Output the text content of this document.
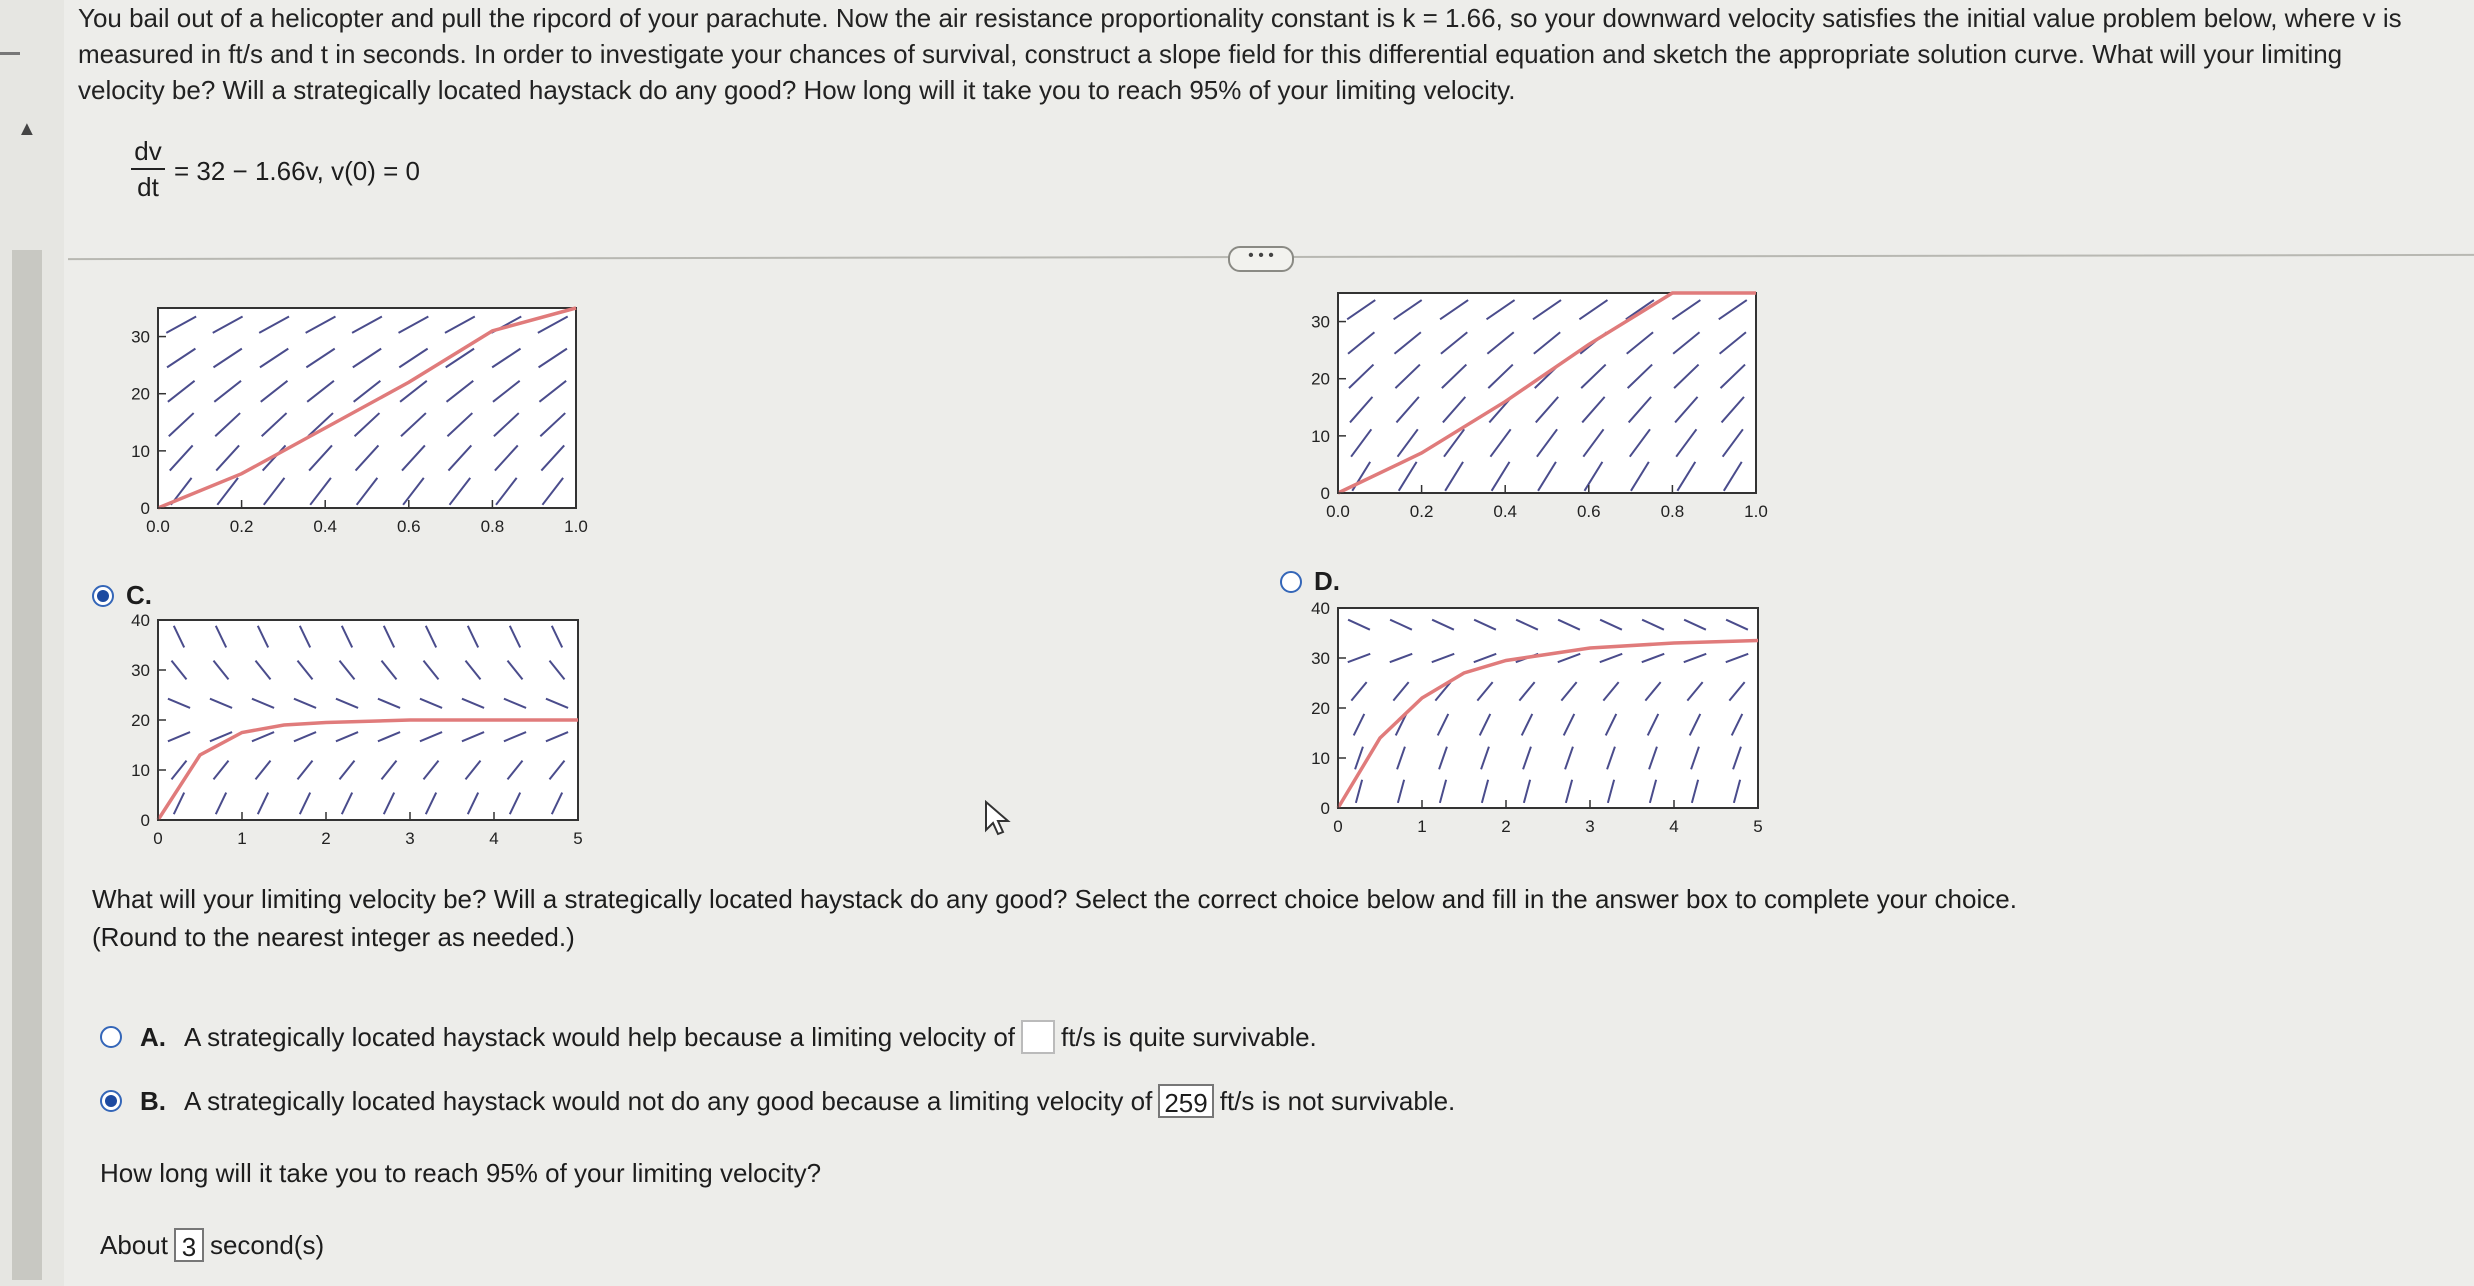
▲

You bail out of a helicopter and pull the ripcord of your parachute. Now the air resistance proportionality constant is k = 1.66, so your downward velocity satisfies the initial value problem below, where v is

measured in ft/s and t in seconds. In order to investigate your chances of survival, construct a slope field for this differential equation and sketch the appropriate solution curve. What will your limiting

velocity be? Will a strategically located haystack do any good? How long will it take you to reach 95% of your limiting velocity.

dv
dt
= 32 − 1.66v, v(0) = 0
• • •
0.0	0.2	0.4	0.6	0.8	1.0
0
10
20
30
0.0	0.2	0.4	0.6	0.8	1.0
0
10
20
30
C.	D.
0	1	2	3	4	5
0
10
20
30
40
0	1	2	3	4	5
0
10
20
30
40

What will your limiting velocity be? Will a strategically located haystack do any good? Select the correct choice below and fill in the answer box to complete your choice.

(Round to the nearest integer as needed.)

A. A strategically located haystack would help because a limiting velocity of ft/s is quite survivable.
B. A strategically located haystack would not do any good because a limiting velocity of 259 ft/s is not survivable.
How long will it take you to reach 95% of your limiting velocity?
About 3 second(s)
